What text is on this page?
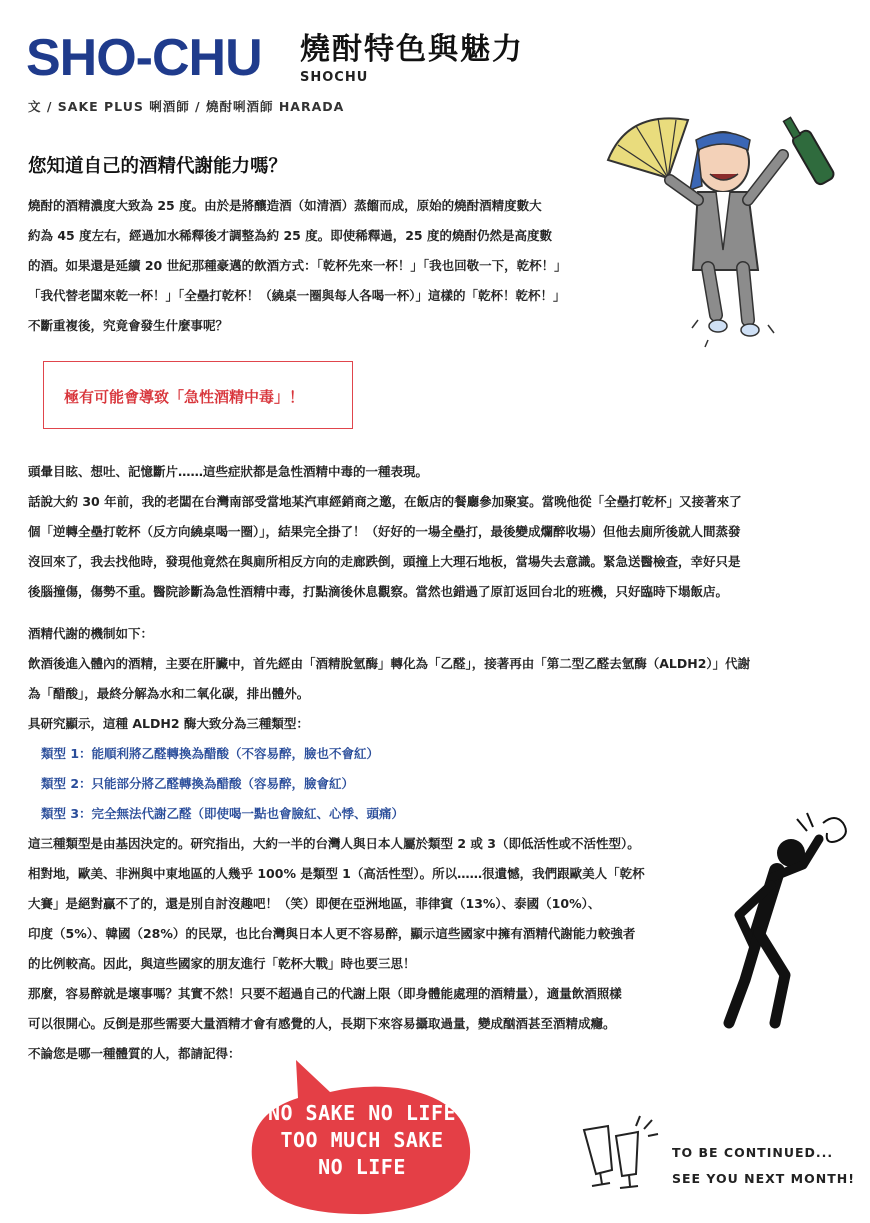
SHO-CHU 燒酎特色與魅力
SHOCHU
文 / SAKE PLUS 唎酒師 / 燒酎唎酒師 HARADA
您知道自己的酒精代謝能力嗎？

燒酎的酒精濃度大致為 25 度。由於是將釀造酒（如清酒）蒸餾而成，原始的燒酎酒精度數大

約為 45 度左右，經過加水稀釋後才調整為約 25 度。即使稀釋過，25 度的燒酎仍然是高度數

的酒。如果還是延續 20 世紀那種豪邁的飲酒方式：「乾杯先來一杯！」「我也回敬一下，乾杯！」

「我代替老闆來乾一杯！」「全壘打乾杯！（繞桌一圈與每人各喝一杯）」這樣的「乾杯！乾杯！」

不斷重複後，究竟會發生什麼事呢？

極有可能會導致「急性酒精中毒」！

頭暈目眩、想吐、記憶斷片……這些症狀都是急性酒精中毒的一種表現。

話說大約 30 年前，我的老闆在台灣南部受當地某汽車經銷商之邀，在飯店的餐廳參加聚宴。當晚他從「全壘打乾杯」又接著來了

個「逆轉全壘打乾杯（反方向繞桌喝一圈）」，結果完全掛了！（好好的一場全壘打，最後變成爛醉收場）但他去廁所後就人間蒸發

沒回來了，我去找他時，發現他竟然在與廁所相反方向的走廊跌倒，頭撞上大理石地板，當場失去意識。緊急送醫檢查，幸好只是

後腦撞傷，傷勢不重。醫院診斷為急性酒精中毒，打點滴後休息觀察。當然也錯過了原訂返回台北的班機，只好臨時下塌飯店。

酒精代謝的機制如下：

飲酒後進入體內的酒精，主要在肝臟中，首先經由「酒精脫氫酶」轉化為「乙醛」，接著再由「第二型乙醛去氫酶（ALDH2）」代謝

為「醋酸」，最終分解為水和二氧化碳，排出體外。

具研究顯示，這種 ALDH2 酶大致分為三種類型：

類型 1：能順利將乙醛轉換為醋酸（不容易醉，臉也不會紅）

類型 2：只能部分將乙醛轉換為醋酸（容易醉，臉會紅）

類型 3：完全無法代謝乙醛（即使喝一點也會臉紅、心悸、頭痛）

這三種類型是由基因決定的。研究指出，大約一半的台灣人與日本人屬於類型 2 或 3（即低活性或不活性型）。

相對地，歐美、非洲與中東地區的人幾乎 100% 是類型 1（高活性型）。所以……很遺憾，我們跟歐美人「乾杯

大賽」是絕對贏不了的，還是別自討沒趣吧！（笑）即便在亞洲地區，菲律賓（13%）、泰國（10%）、

印度（5%）、韓國（28%）的民眾，也比台灣與日本人更不容易醉，顯示這些國家中擁有酒精代謝能力較強者

的比例較高。因此，與這些國家的朋友進行「乾杯大戰」時也要三思！

那麼，容易醉就是壞事嗎？其實不然！只要不超過自己的代謝上限（即身體能處理的酒精量），適量飲酒照樣

可以很開心。反倒是那些需要大量酒精才會有感覺的人，長期下來容易攝取過量，變成酗酒甚至酒精成癮。

不論您是哪一種體質的人，都請記得：

NO SAKE NO LIFE
TOO MUCH SAKE
NO LIFE
TO BE CONTINUED...
SEE YOU NEXT MONTH!
